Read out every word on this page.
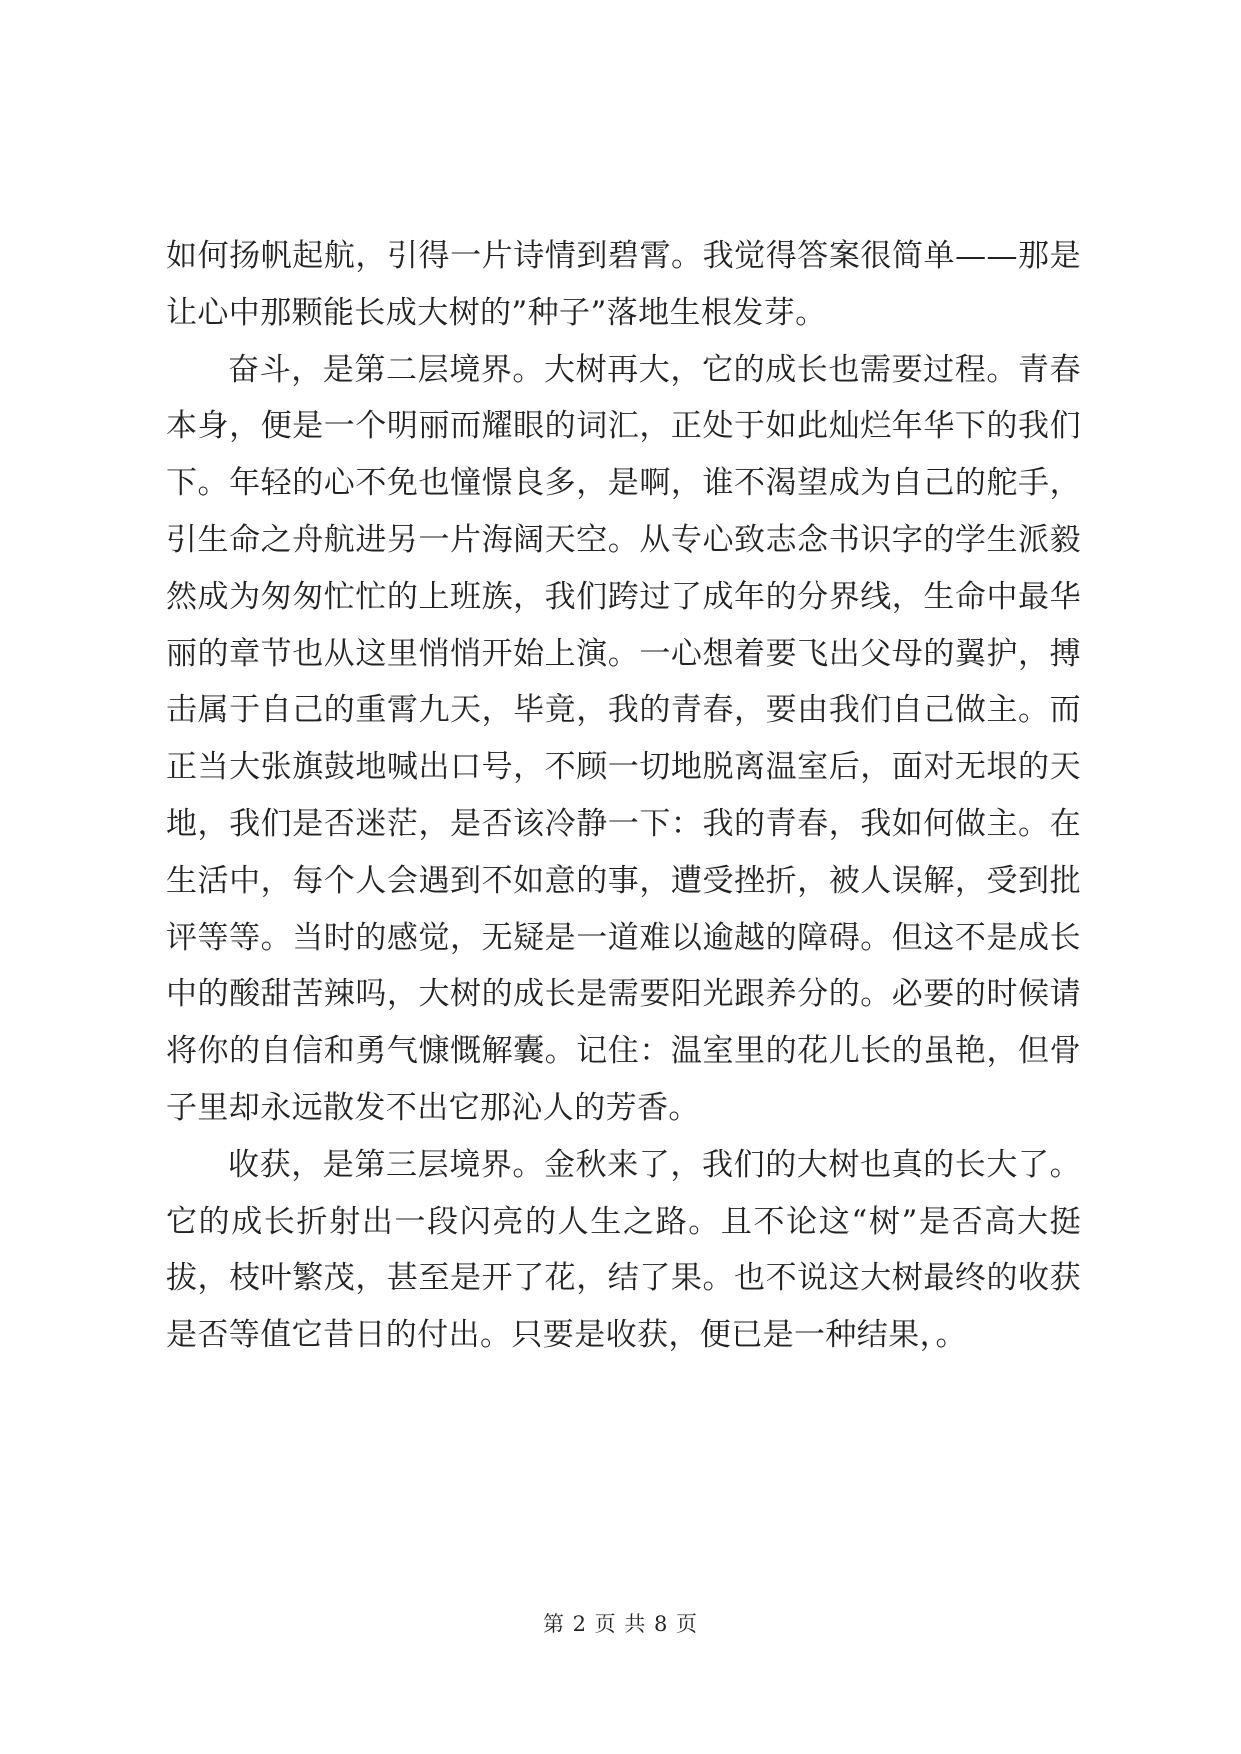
如何扬帆起航，引得一片诗情到碧霄。我觉得答案很简单——那是让心中那颗能长成大树的”种子”落地生根发芽。

奋斗，是第二层境界。大树再大，它的成长也需要过程。青春本身，便是一个明丽而耀眼的词汇，正处于如此灿烂年华下的我们下。年轻的心不免也憧憬良多，是啊，谁不渴望成为自己的舵手，引生命之舟航进另一片海阔天空。从专心致志念书识字的学生派毅然成为匆匆忙忙的上班族，我们跨过了成年的分界线，生命中最华丽的章节也从这里悄悄开始上演。一心想着要飞出父母的翼护，搏击属于自己的重霄九天，毕竟，我的青春，要由我们自己做主。而正当大张旗鼓地喊出口号，不顾一切地脱离温室后，面对无垠的天地，我们是否迷茫，是否该冷静一下：我的青春，我如何做主。在生活中，每个人会遇到不如意的事，遭受挫折，被人误解，受到批评等等。当时的感觉，无疑是一道难以逾越的障碍。但这不是成长中的酸甜苦辣吗，大树的成长是需要阳光跟养分的。必要的时候请将你的自信和勇气慷慨解囊。记住：温室里的花儿长的虽艳，但骨子里却永远散发不出它那沁人的芳香。

收获，是第三层境界。金秋来了，我们的大树也真的长大了。它的成长折射出一段闪亮的人生之路。且不论这“树”是否高大挺拔，枝叶繁茂，甚至是开了花，结了果。也不说这大树最终的收获是否等值它昔日的付出。只要是收获，便已是一种结果，。

第 2 页 共 8 页
